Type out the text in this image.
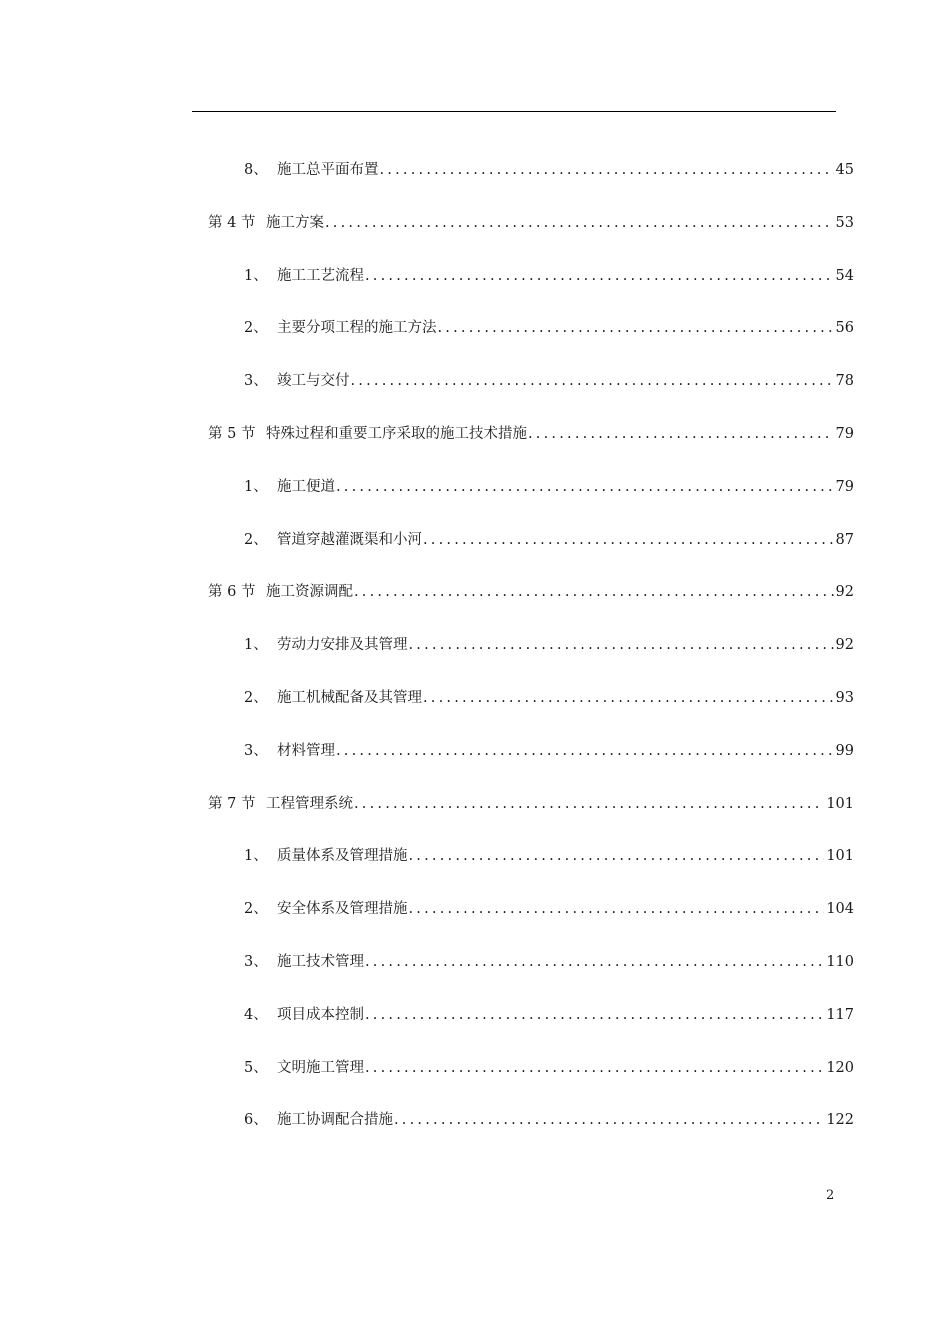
8、 施工总平面布置 .....	45
第 4 节 施工方案 .....	53
1、 施工工艺流程 .....	54
2、 主要分项工程的施工方法 .....	56
3、 竣工与交付 .....	78
第 5 节 特殊过程和重要工序采取的施工技术措施 .....	79
1、 施工便道 .....	79
2、 管道穿越灌溉渠和小河 .....	87
第 6 节 施工资源调配 .....	92
1、 劳动力安排及其管理 .....	92
2、 施工机械配备及其管理 .....	93
3、 材料管理 .....	99
第 7 节 工程管理系统 .....	101
1、 质量体系及管理措施 .....	101
2、 安全体系及管理措施 .....	104
3、 施工技术管理 .....	110
4、 项目成本控制 .....	117
5、 文明施工管理 .....	120
6、 施工协调配合措施 .....	122
2
